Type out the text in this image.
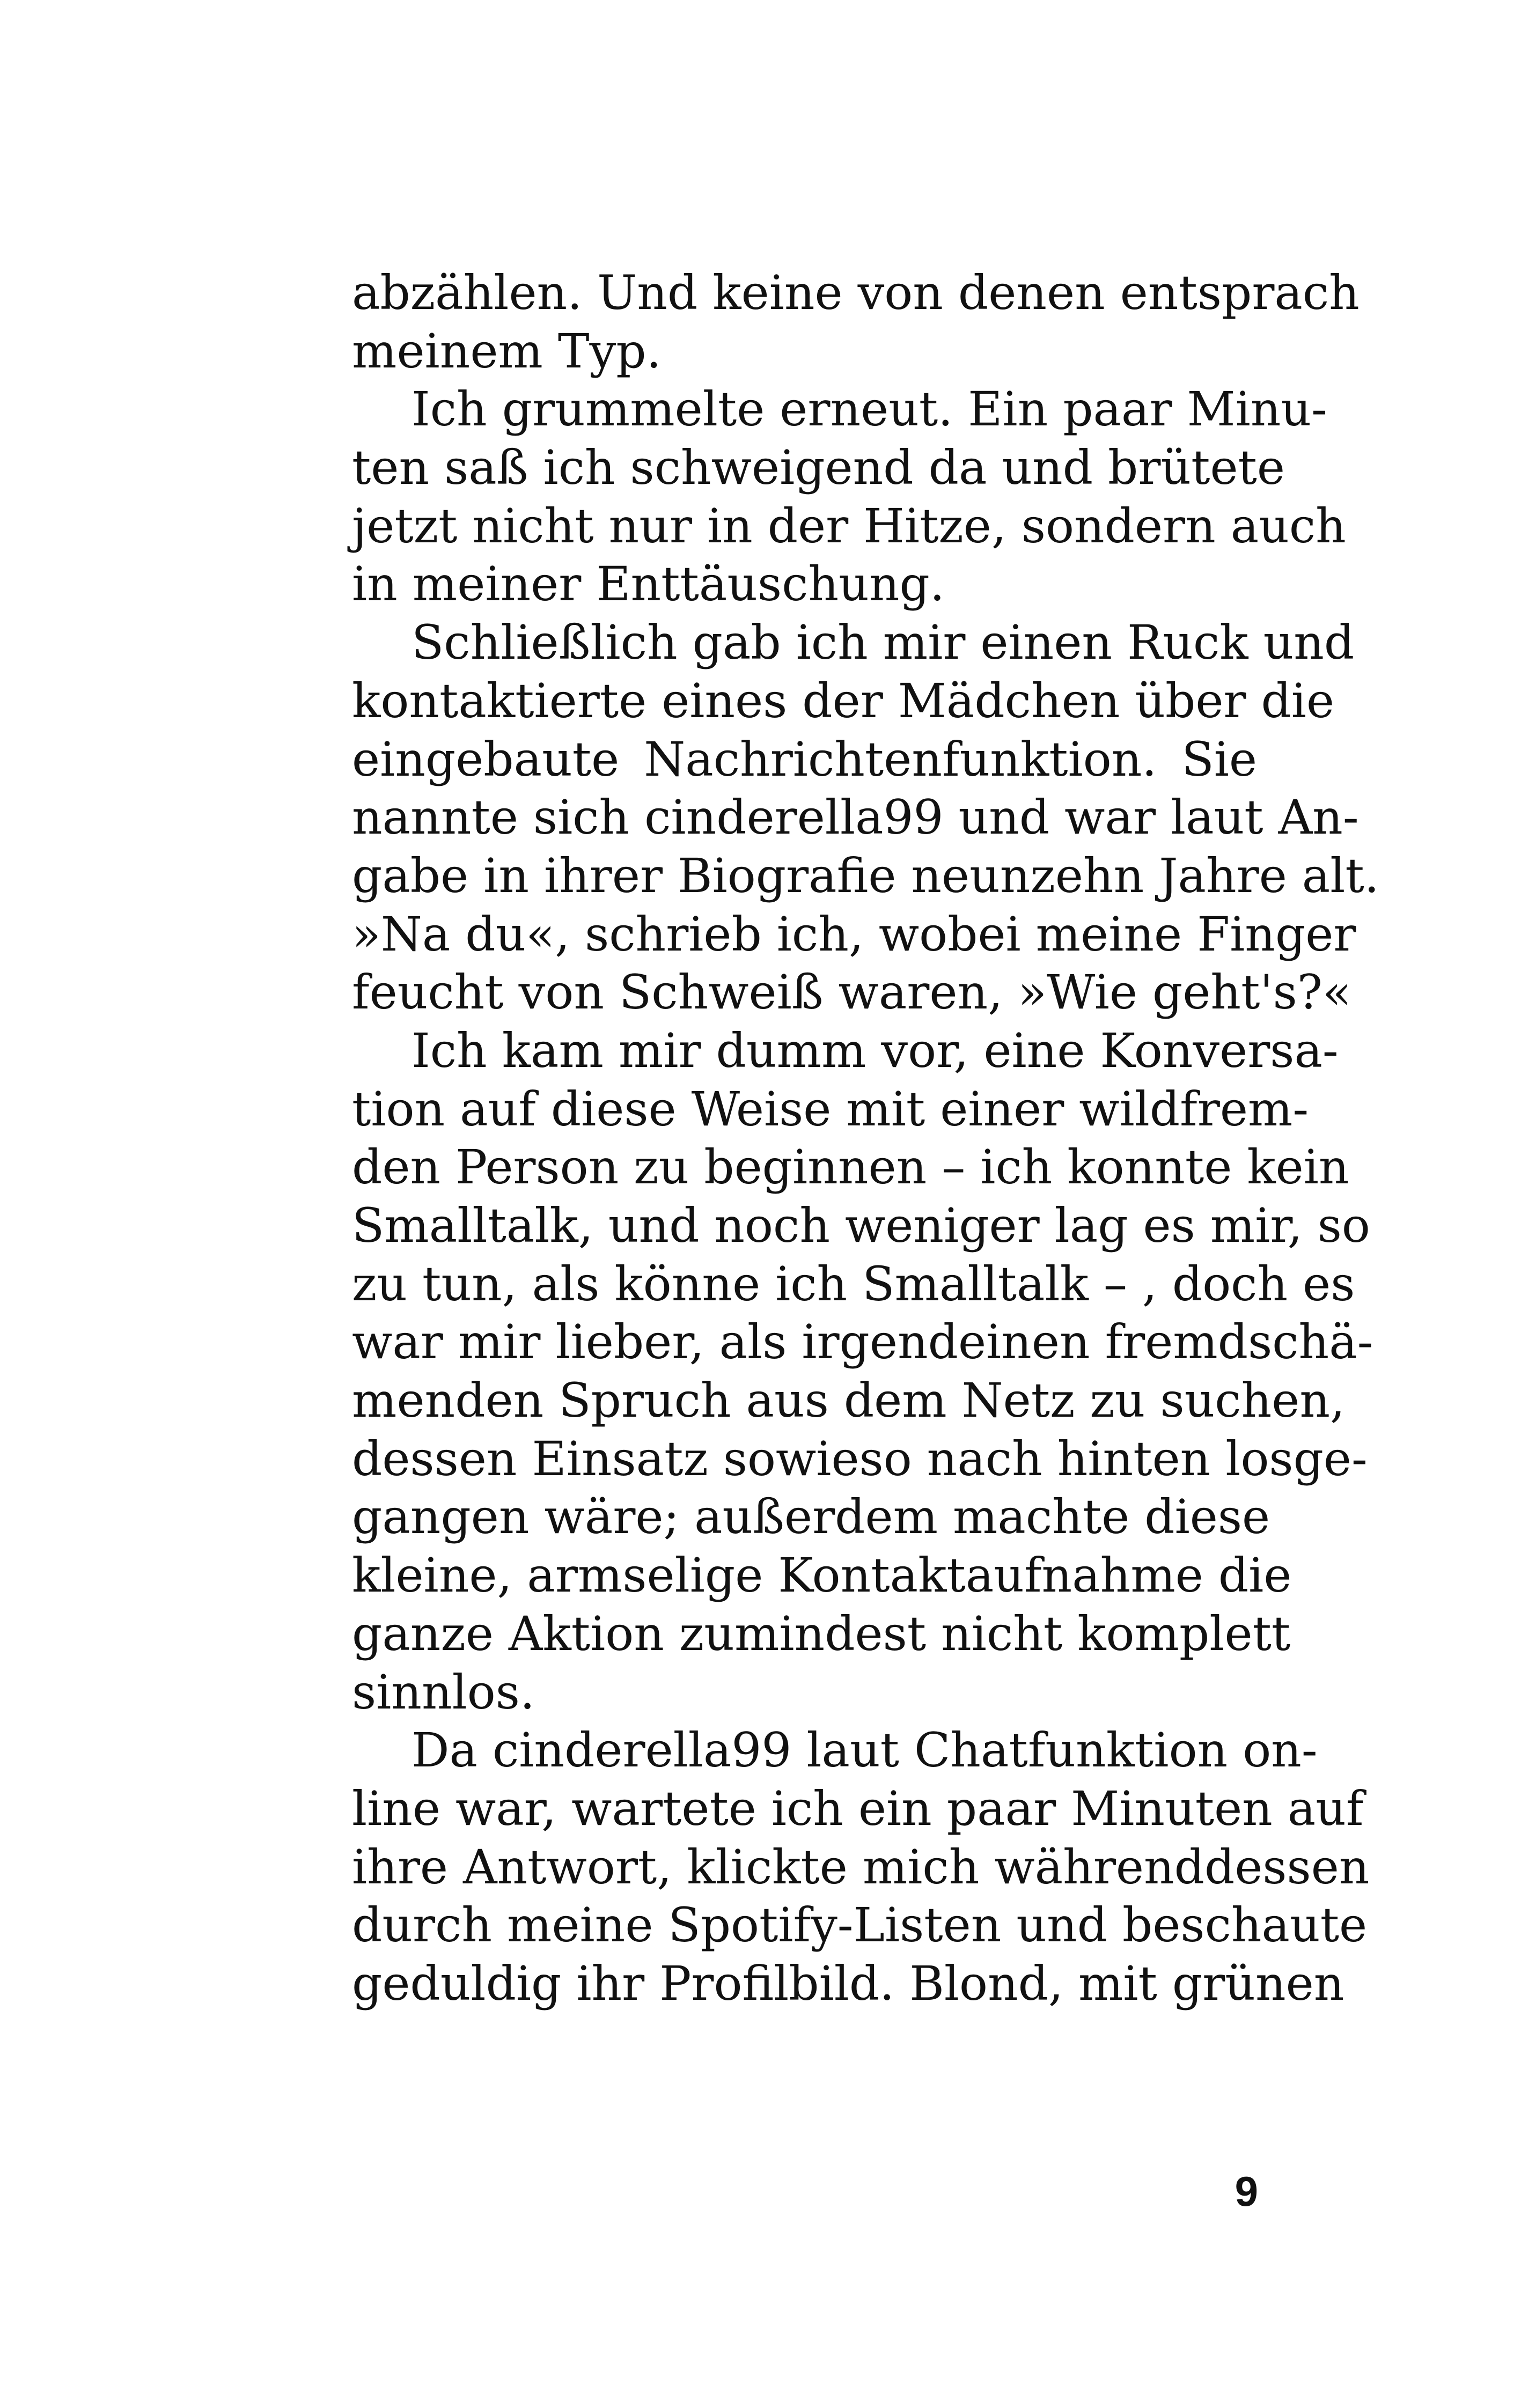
abzählen. Und keine von denen entsprach
meinem Typ.
Ich grummelte erneut. Ein paar Minu-
ten saß ich schweigend da und brütete
jetzt nicht nur in der Hitze, sondern auch
in meiner Enttäuschung.
Schließlich gab ich mir einen Ruck und
kontaktierte eines der Mädchen über die
eingebaute Nachrichtenfunktion. Sie
nannte sich cinderella99 und war laut An-
gabe in ihrer Biografie neunzehn Jahre alt.
»Na du«, schrieb ich, wobei meine Finger
feucht von Schweiß waren, »Wie geht's?«
Ich kam mir dumm vor, eine Konversa-
tion auf diese Weise mit einer wildfrem-
den Person zu beginnen – ich konnte kein
Smalltalk, und noch weniger lag es mir, so
zu tun, als könne ich Smalltalk – , doch es
war mir lieber, als irgendeinen fremdschä-
menden Spruch aus dem Netz zu suchen,
dessen Einsatz sowieso nach hinten losge-
gangen wäre; außerdem machte diese
kleine, armselige Kontaktaufnahme die
ganze Aktion zumindest nicht komplett
sinnlos.
Da cinderella99 laut Chatfunktion on-
line war, wartete ich ein paar Minuten auf
ihre Antwort, klickte mich währenddessen
durch meine Spotify-Listen und beschaute
geduldig ihr Profilbild. Blond, mit grünen
9
